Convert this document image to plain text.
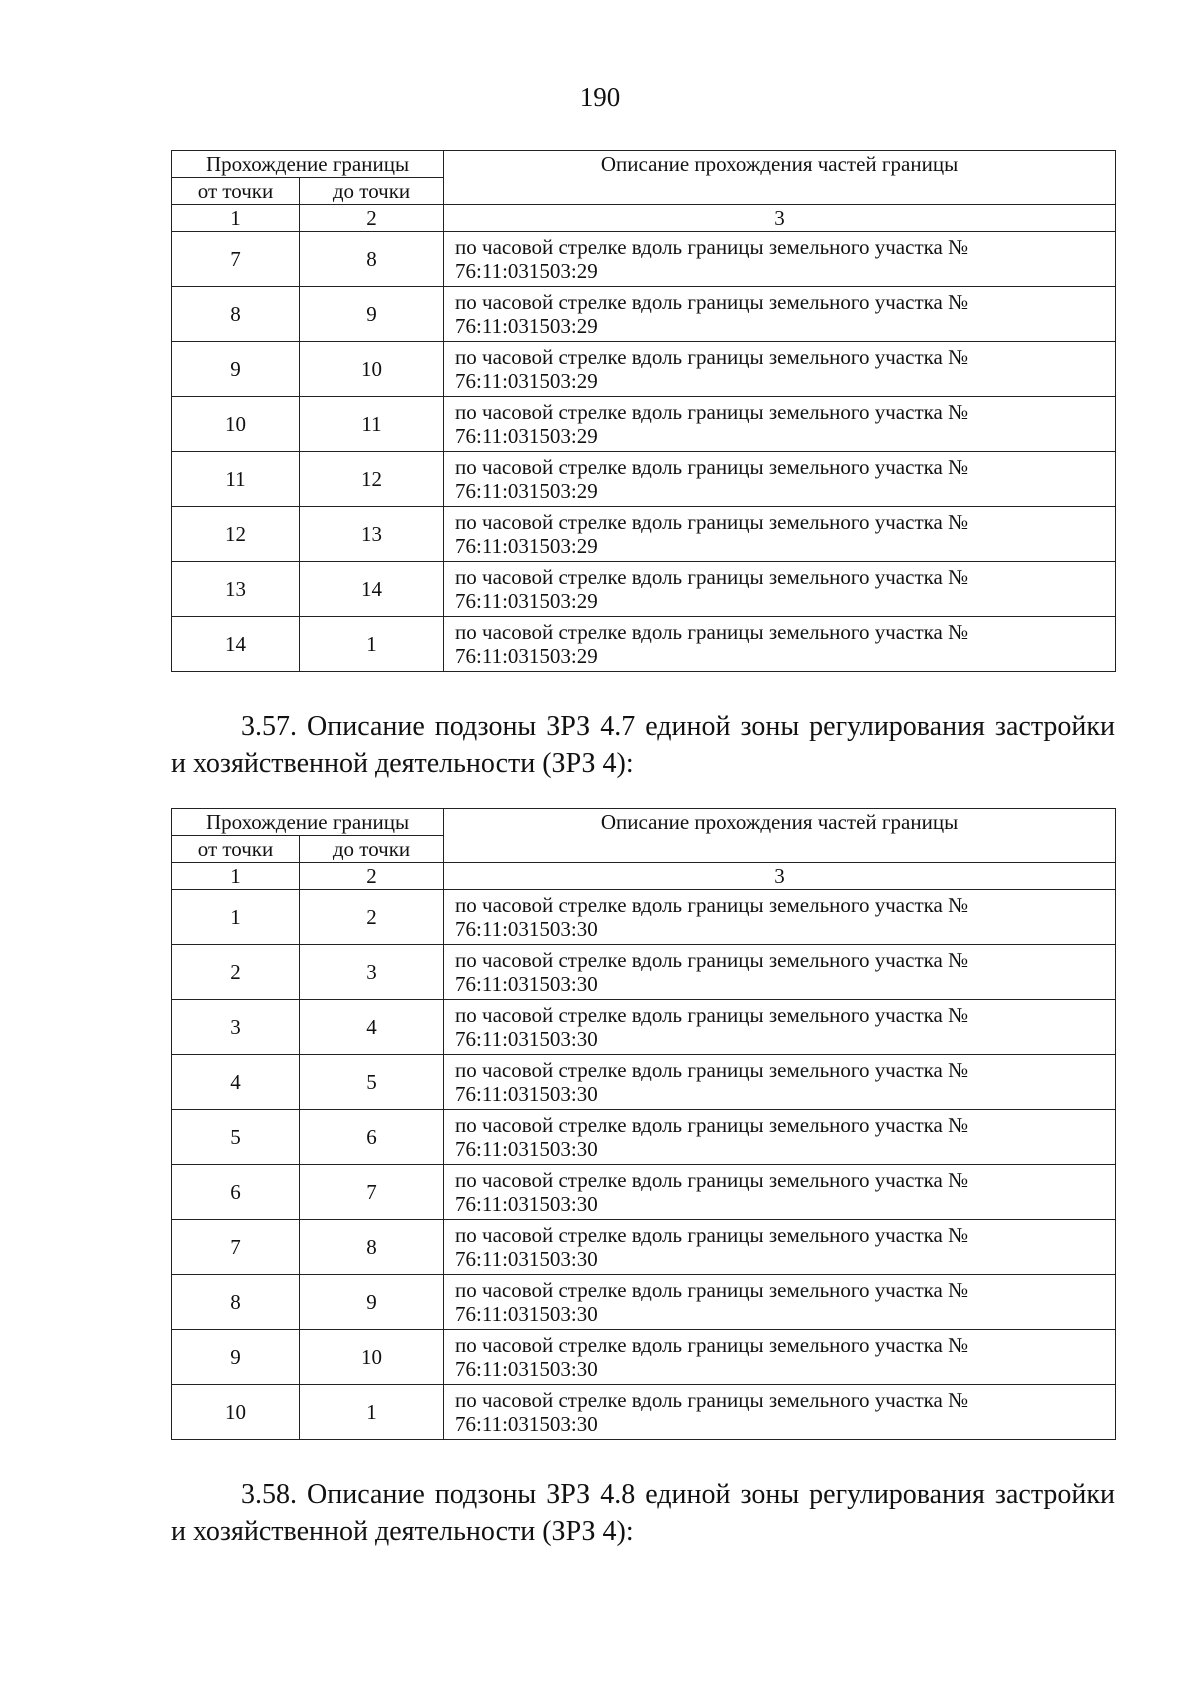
190
Прохождение границы		Описание прохождения частей границы
от точки	до точки	
1	2	3
7	8	по часовой стрелке вдоль границы земельного участка №
76:11:031503:29

8	9	по часовой стрелке вдоль границы земельного участка №
76:11:031503:29

9	10	по часовой стрелке вдоль границы земельного участка №
76:11:031503:29

10	11	по часовой стрелке вдоль границы земельного участка №
76:11:031503:29

11	12	по часовой стрелке вдоль границы земельного участка №
76:11:031503:29

12	13	по часовой стрелке вдоль границы земельного участка №
76:11:031503:29

13	14	по часовой стрелке вдоль границы земельного участка №
76:11:031503:29

14	1	по часовой стрелке вдоль границы земельного участка №
76:11:031503:29
3.57. Описание подзоны ЗРЗ 4.7 единой зоны регулирования застройки
и хозяйственной деятельности (ЗРЗ 4):
Прохождение границы		Описание прохождения частей границы
от точки	до точки	
1	2	3
1	2	по часовой стрелке вдоль границы земельного участка №
76:11:031503:30

2	3	по часовой стрелке вдоль границы земельного участка №
76:11:031503:30

3	4	по часовой стрелке вдоль границы земельного участка №
76:11:031503:30

4	5	по часовой стрелке вдоль границы земельного участка №
76:11:031503:30

5	6	по часовой стрелке вдоль границы земельного участка №
76:11:031503:30

6	7	по часовой стрелке вдоль границы земельного участка №
76:11:031503:30

7	8	по часовой стрелке вдоль границы земельного участка №
76:11:031503:30

8	9	по часовой стрелке вдоль границы земельного участка №
76:11:031503:30

9	10	по часовой стрелке вдоль границы земельного участка №
76:11:031503:30

10	1	по часовой стрелке вдоль границы земельного участка №
76:11:031503:30
3.58. Описание подзоны ЗРЗ 4.8 единой зоны регулирования застройки
и хозяйственной деятельности (ЗРЗ 4):
